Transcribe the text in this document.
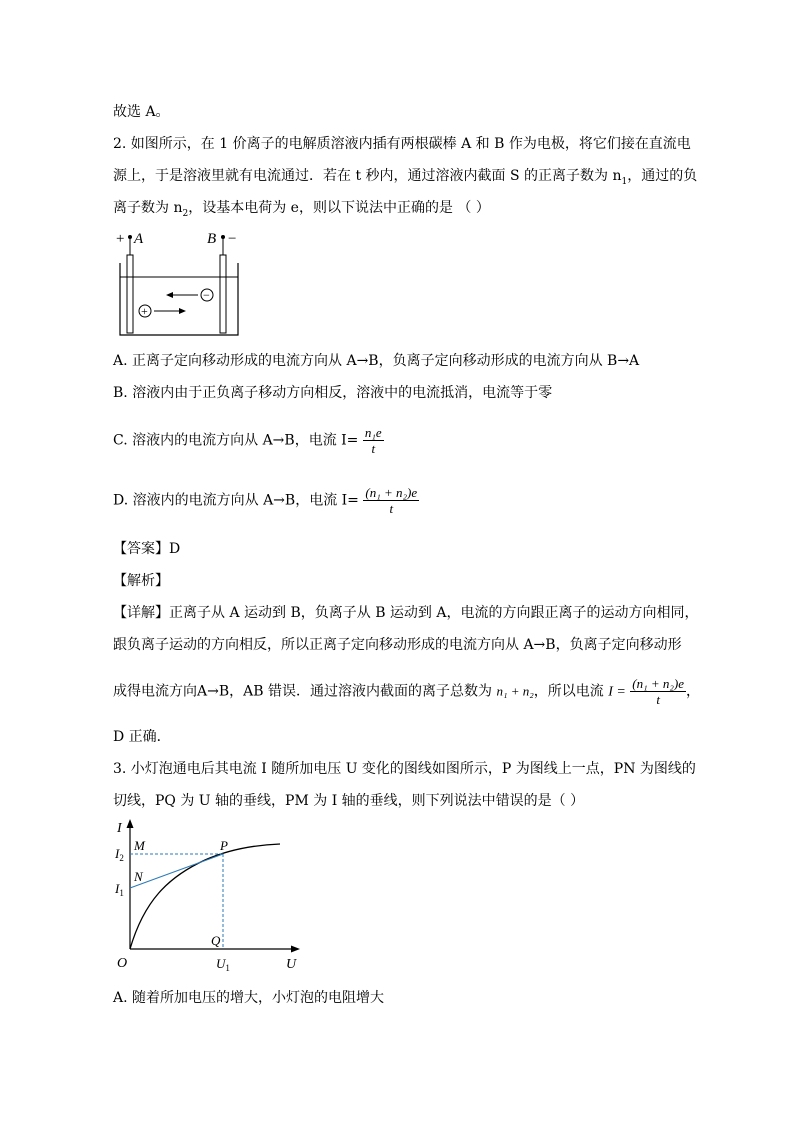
故选 A。
2. 如图所示，在 1 价离子的电解质溶液内插有两根碳棒 A 和 B 作为电极，将它们接在直流电
源上，于是溶液里就有电流通过．若在 t 秒内，通过溶液内截面 S 的正离子数为 $n_1$，通过的负
离子数为 $n_2$，设基本电荷为 e，则以下说法中正确的是 （ ）
+ A	B −
−
+
A. 正离子定向移动形成的电流方向从 A→B，负离子定向移动形成的电流方向从 B→A
B. 溶液内由于正负离子移动方向相反，溶液中的电流抵消，电流等于零
C. 溶液内的电流方向从 A→B，电流 $I= \frac{\text{n₁e}}{t}$
D. 溶液内的电流方向从 A→B，电流 $I= \frac{\text{(n₁ + n₂)e}}{t}$
【答案】D
【解析】
【详解】正离子从 A 运动到 B，负离子从 B 运动到 A，电流的方向跟正离子的运动方向相同，
跟负离子运动的方向相反，所以正离子定向移动形成的电流方向从 A→B，负离子定向移动形
成得电流方向A→B，AB 错误．通过溶液内截面的离子总数为 n₁ + n₂，所以电流 $I = \frac{\text{(n₁ + n₂)e}}{t}$ ，
D 正确．
3. 小灯泡通电后其电流 I 随所加电压 U 变化的图线如图所示，P 为图线上一点，PN 为图线的
切线，PQ 为 U 轴的垂线，PM 为 I 轴的垂线，则下列说法中错误的是（ ）
I
U
O
M	P
N
Q
$I_2$
$I_1$
$U_1$
A. 随着所加电压的增大，小灯泡的电阻增大
